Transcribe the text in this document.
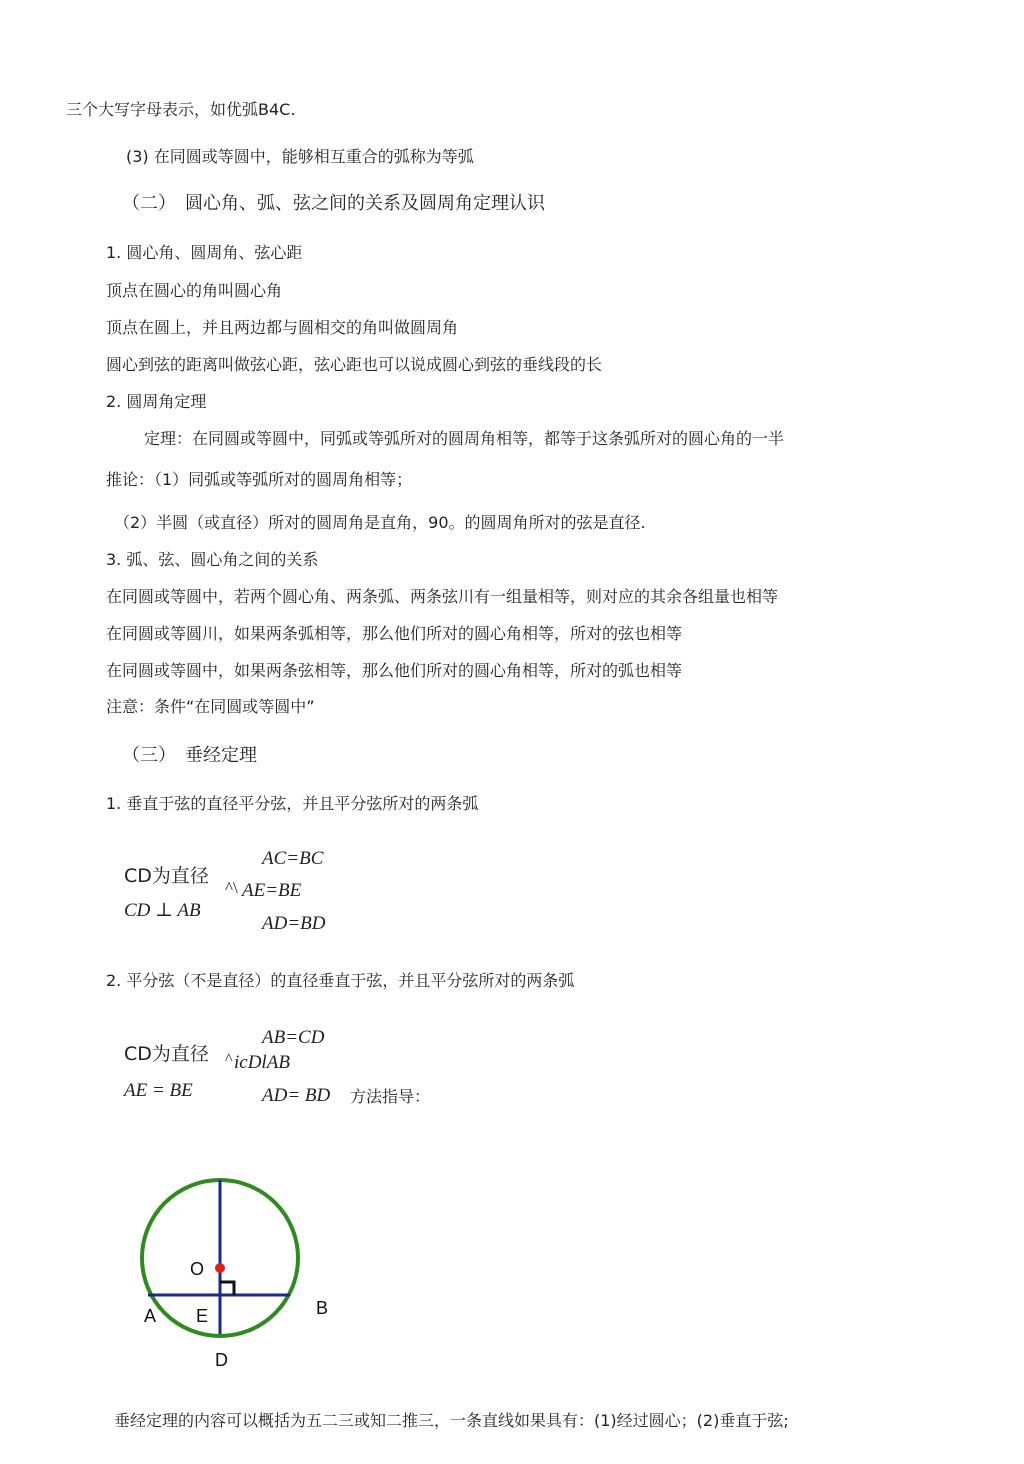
三个大写字母表示，如优弧B4C.
(3) 在同圆或等圆中，能够相互重合的弧称为等弧
（二）　圆心角、弧、弦之间的关系及圆周角定理认识
1. 圆心角、圆周角、弦心距
顶点在圆心的角叫圆心角
顶点在圆上，并且两边都与圆相交的角叫做圆周角
圆心到弦的距离叫做弦心距，弦心距也可以说成圆心到弦的垂线段的长
2. 圆周角定理
定理：在同圆或等圆中，同弧或等弧所对的圆周角相等，都等于这条弧所对的圆心角的一半
推论：（1）同弧或等弧所对的圆周角相等；
（2）半圆（或直径）所对的圆周角是直角，90。的圆周角所对的弦是直径.
3. 弧、弦、圆心角之间的关系
在同圆或等圆中，若两个圆心角、两条弧、两条弦川有一组量相等，则对应的其余各组量也相等
在同圆或等圆川，如果两条弧相等，那么他们所对的圆心角相等，所对的弦也相等
在同圆或等圆中，如果两条弦相等，那么他们所对的圆心角相等，所对的弧也相等
注意：条件“在同圆或等圆中”
（三）　垂经定理
1. 垂直于弦的直径平分弦，并且平分弦所对的两条弧
CD为直径
^\
AC=BC
AE=BE
CD ⊥ AB
AD=BD
2. 平分弦（不是直径）的直径垂直于弦，并且平分弦所对的两条弧
CD为直径 ^
AB=CD
icDlAB
AE = BE	AD= BD 方法指导：
O
A E	B
D
垂经定理的内容可以概括为五二三或知二推三，一条直线如果具有：(1)经过圆心；(2)垂直于弦;
